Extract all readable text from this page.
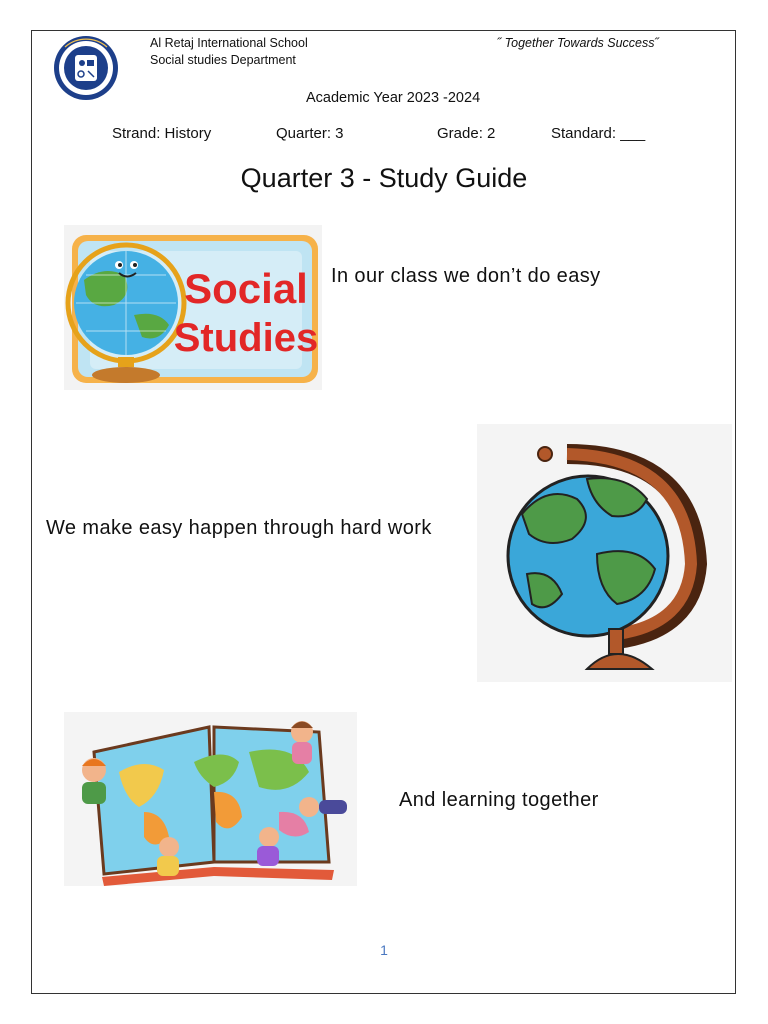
Al Retaj International School
Social studies Department
˝ Together Towards Success˝
Academic Year 2023 -2024
Strand: History	Quarter: 3	Grade: 2	Standard: ___
Quarter 3 - Study Guide
Social
Studies
In our class we don’t do easy
We make easy happen through hard work
And learning together
1
